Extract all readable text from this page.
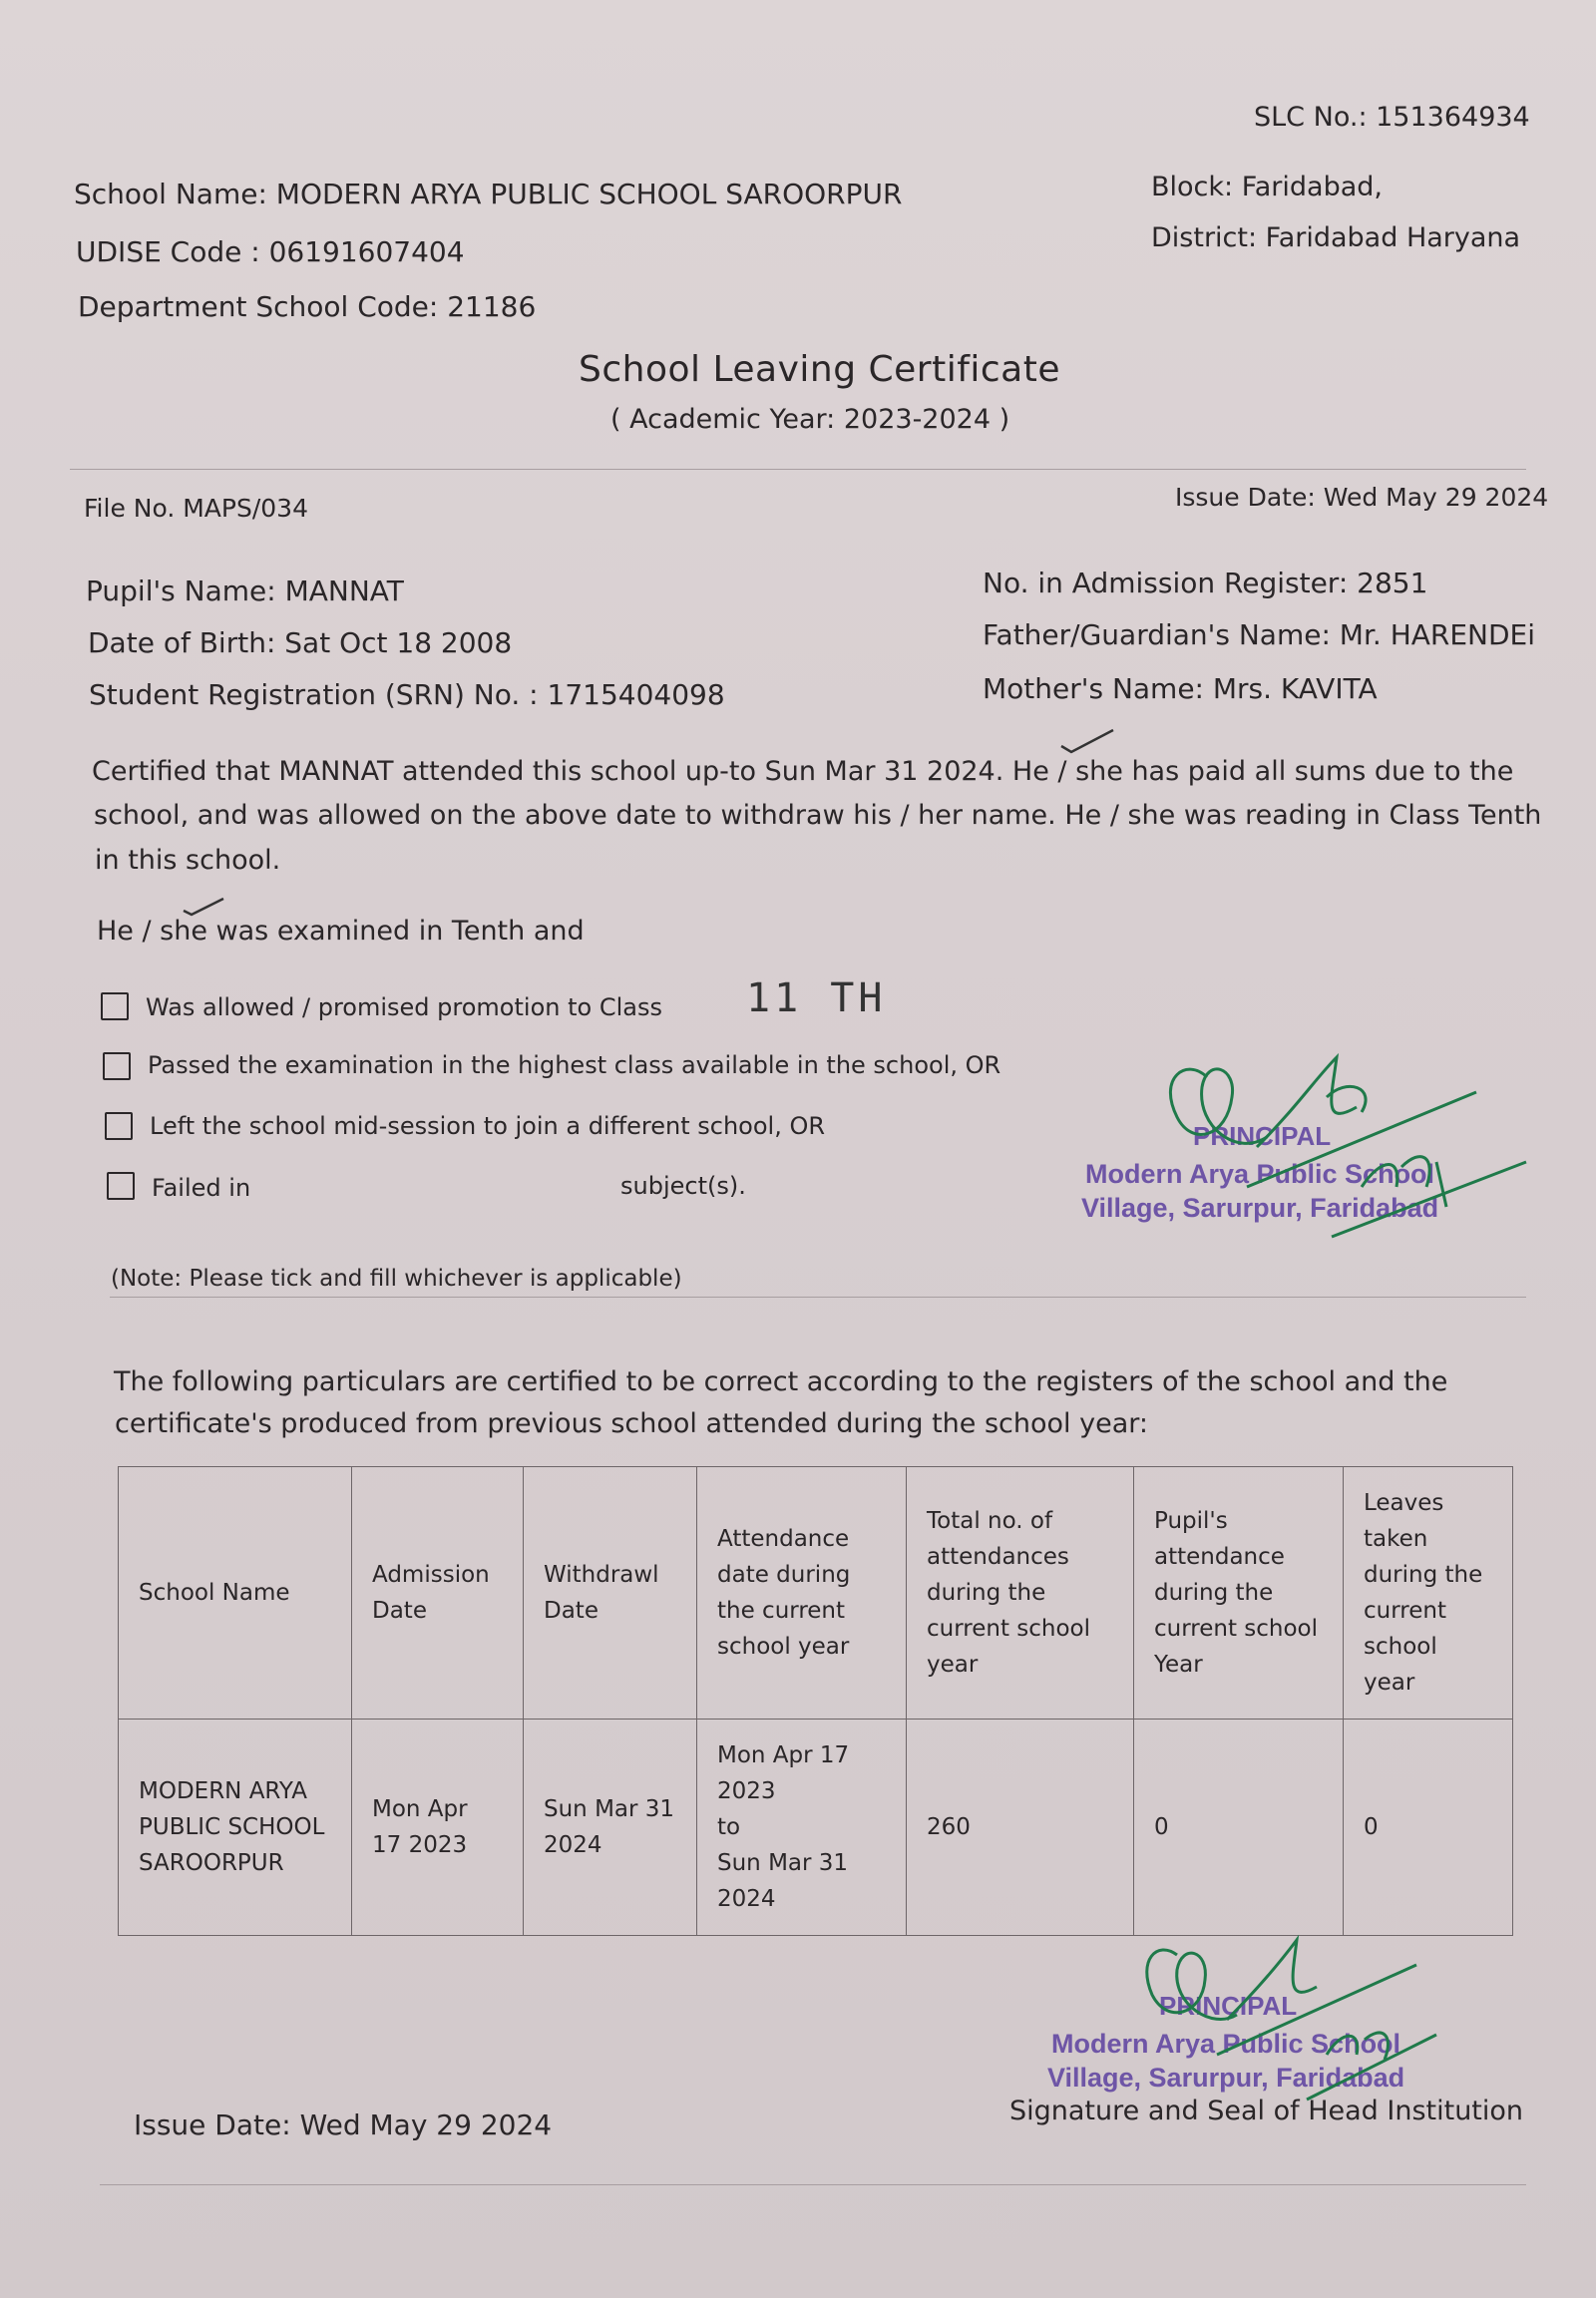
SLC No.: 151364934
School Name: MODERN ARYA PUBLIC SCHOOL SAROORPUR
UDISE Code : 06191607404
Department School Code: 21186
Block: Faridabad,
District: Faridabad Haryana
School Leaving Certificate
( Academic Year: 2023-2024 )
File No. MAPS/034	Issue Date: Wed May 29 2024
Pupil's Name: MANNAT
Date of Birth: Sat Oct 18 2008
Student Registration (SRN) No. : 1715404098
No. in Admission Register: 2851
Father/Guardian's Name: Mr. HARENDEi
Mother's Name: Mrs. KAVITA
Certified that MANNAT attended this school up-to Sun Mar 31 2024. He / she has paid all sums due to the
school, and was allowed on the above date to withdraw his / her name. He / she was reading in Class Tenth
in this school.
He / she was examined in Tenth and
Was allowed / promised promotion to Class 11 TH
Passed the examination in the highest class available in the school, OR
Left the school mid-session to join a different school, OR
Failed in	subject(s).
PRINCIPAL
Modern Arya Public School
Village, Sarurpur, Faridabad
(Note: Please tick and fill whichever is applicable)
The following particulars are certified to be correct according to the registers of the school and the
certificate's produced from previous school attended during the school year:
School Name	Admission Date	Withdrawl Date	Attendance date during the current school year	Total no. of attendances during the current school year	Pupil's attendance during the current school Year	Leaves taken during the current school year
MODERN ARYA PUBLIC SCHOOL SAROORPUR	Mon Apr 17 2023	Sun Mar 31 2024	Mon Apr 17 2023
to
Sun Mar 31 2024	260	0	0
PRINCIPAL
Modern Arya Public School
Village, Sarurpur, Faridabad
Signature and Seal of Head Institution
Issue Date: Wed May 29 2024
